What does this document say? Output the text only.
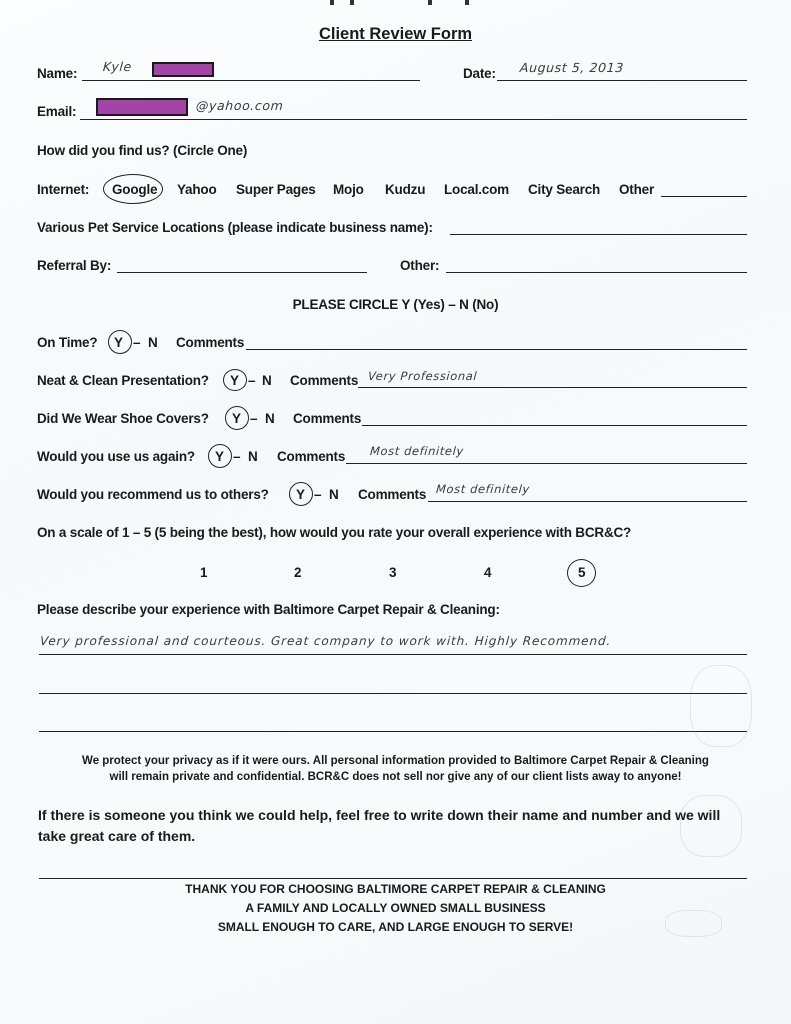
Client Review Form
Name: Kyle	Date: August 5, 2013
Email:	@yahoo.com
How did you find us? (Circle One)
Internet: Google Yahoo Super Pages Mojo Kudzu Local.com City Search Other
Various Pet Service Locations (please indicate business name):
Referral By:	Other:
PLEASE CIRCLE Y (Yes) – N (No)
On Time? Y – N Comments
Neat & Clean Presentation? Y – N Comments Very Professional
Did We Wear Shoe Covers? Y – N Comments
Would you use us again? Y – N Comments Most definitely
Would you recommend us to others? Y – N Comments Most definitely
On a scale of 1 – 5 (5 being the best), how would you rate your overall experience with BCR&C?
1	2	3	4	5
Please describe your experience with Baltimore Carpet Repair & Cleaning:
Very professional and courteous. Great company to work with. Highly Recommend.
We protect your privacy as if it were ours. All personal information provided to Baltimore Carpet Repair & Cleaning
will remain private and confidential. BCR&C does not sell nor give any of our client lists away to anyone!
If there is someone you think we could help, feel free to write down their name and number and we will
take great care of them.
THANK YOU FOR CHOOSING BALTIMORE CARPET REPAIR & CLEANING
A FAMILY AND LOCALLY OWNED SMALL BUSINESS
SMALL ENOUGH TO CARE, AND LARGE ENOUGH TO SERVE!
